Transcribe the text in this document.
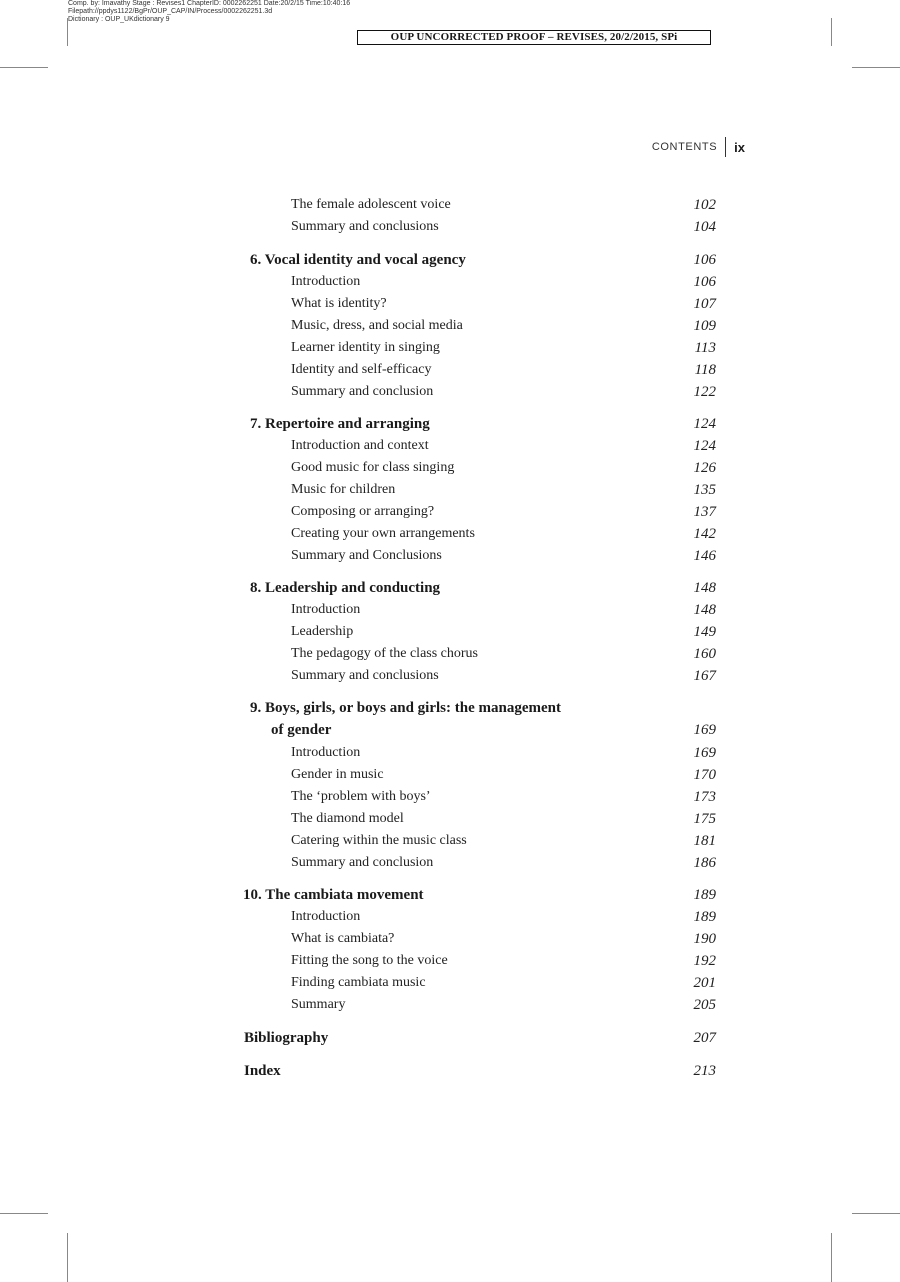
Comp. by: Imavathy Stage : Revises1 ChapterID: 0002262251 Date:20/2/15 Time:10:40:16
Filepath://ppdys1122/BgPr/OUP_CAP/IN/Process/0002262251.3d
Dictionary : OUP_UKdictionary 9
OUP UNCORRECTED PROOF – REVISES, 20/2/2015, SPi
CONTENTS	ix
The female adolescent voice	102
Summary and conclusions	104
6. Vocal identity and vocal agency	106
Introduction	106
What is identity?	107
Music, dress, and social media	109
Learner identity in singing	113
Identity and self-efficacy	118
Summary and conclusion	122
7. Repertoire and arranging	124
Introduction and context	124
Good music for class singing	126
Music for children	135
Composing or arranging?	137
Creating your own arrangements	142
Summary and Conclusions	146
8. Leadership and conducting	148
Introduction	148
Leadership	149
The pedagogy of the class chorus	160
Summary and conclusions	167
9. Boys, girls, or boys and girls: the management
of gender	169
Introduction	169
Gender in music	170
The ‘problem with boys’	173
The diamond model	175
Catering within the music class	181
Summary and conclusion	186
10. The cambiata movement	189
Introduction	189
What is cambiata?	190
Fitting the song to the voice	192
Finding cambiata music	201
Summary	205
Bibliography	207
Index	213
